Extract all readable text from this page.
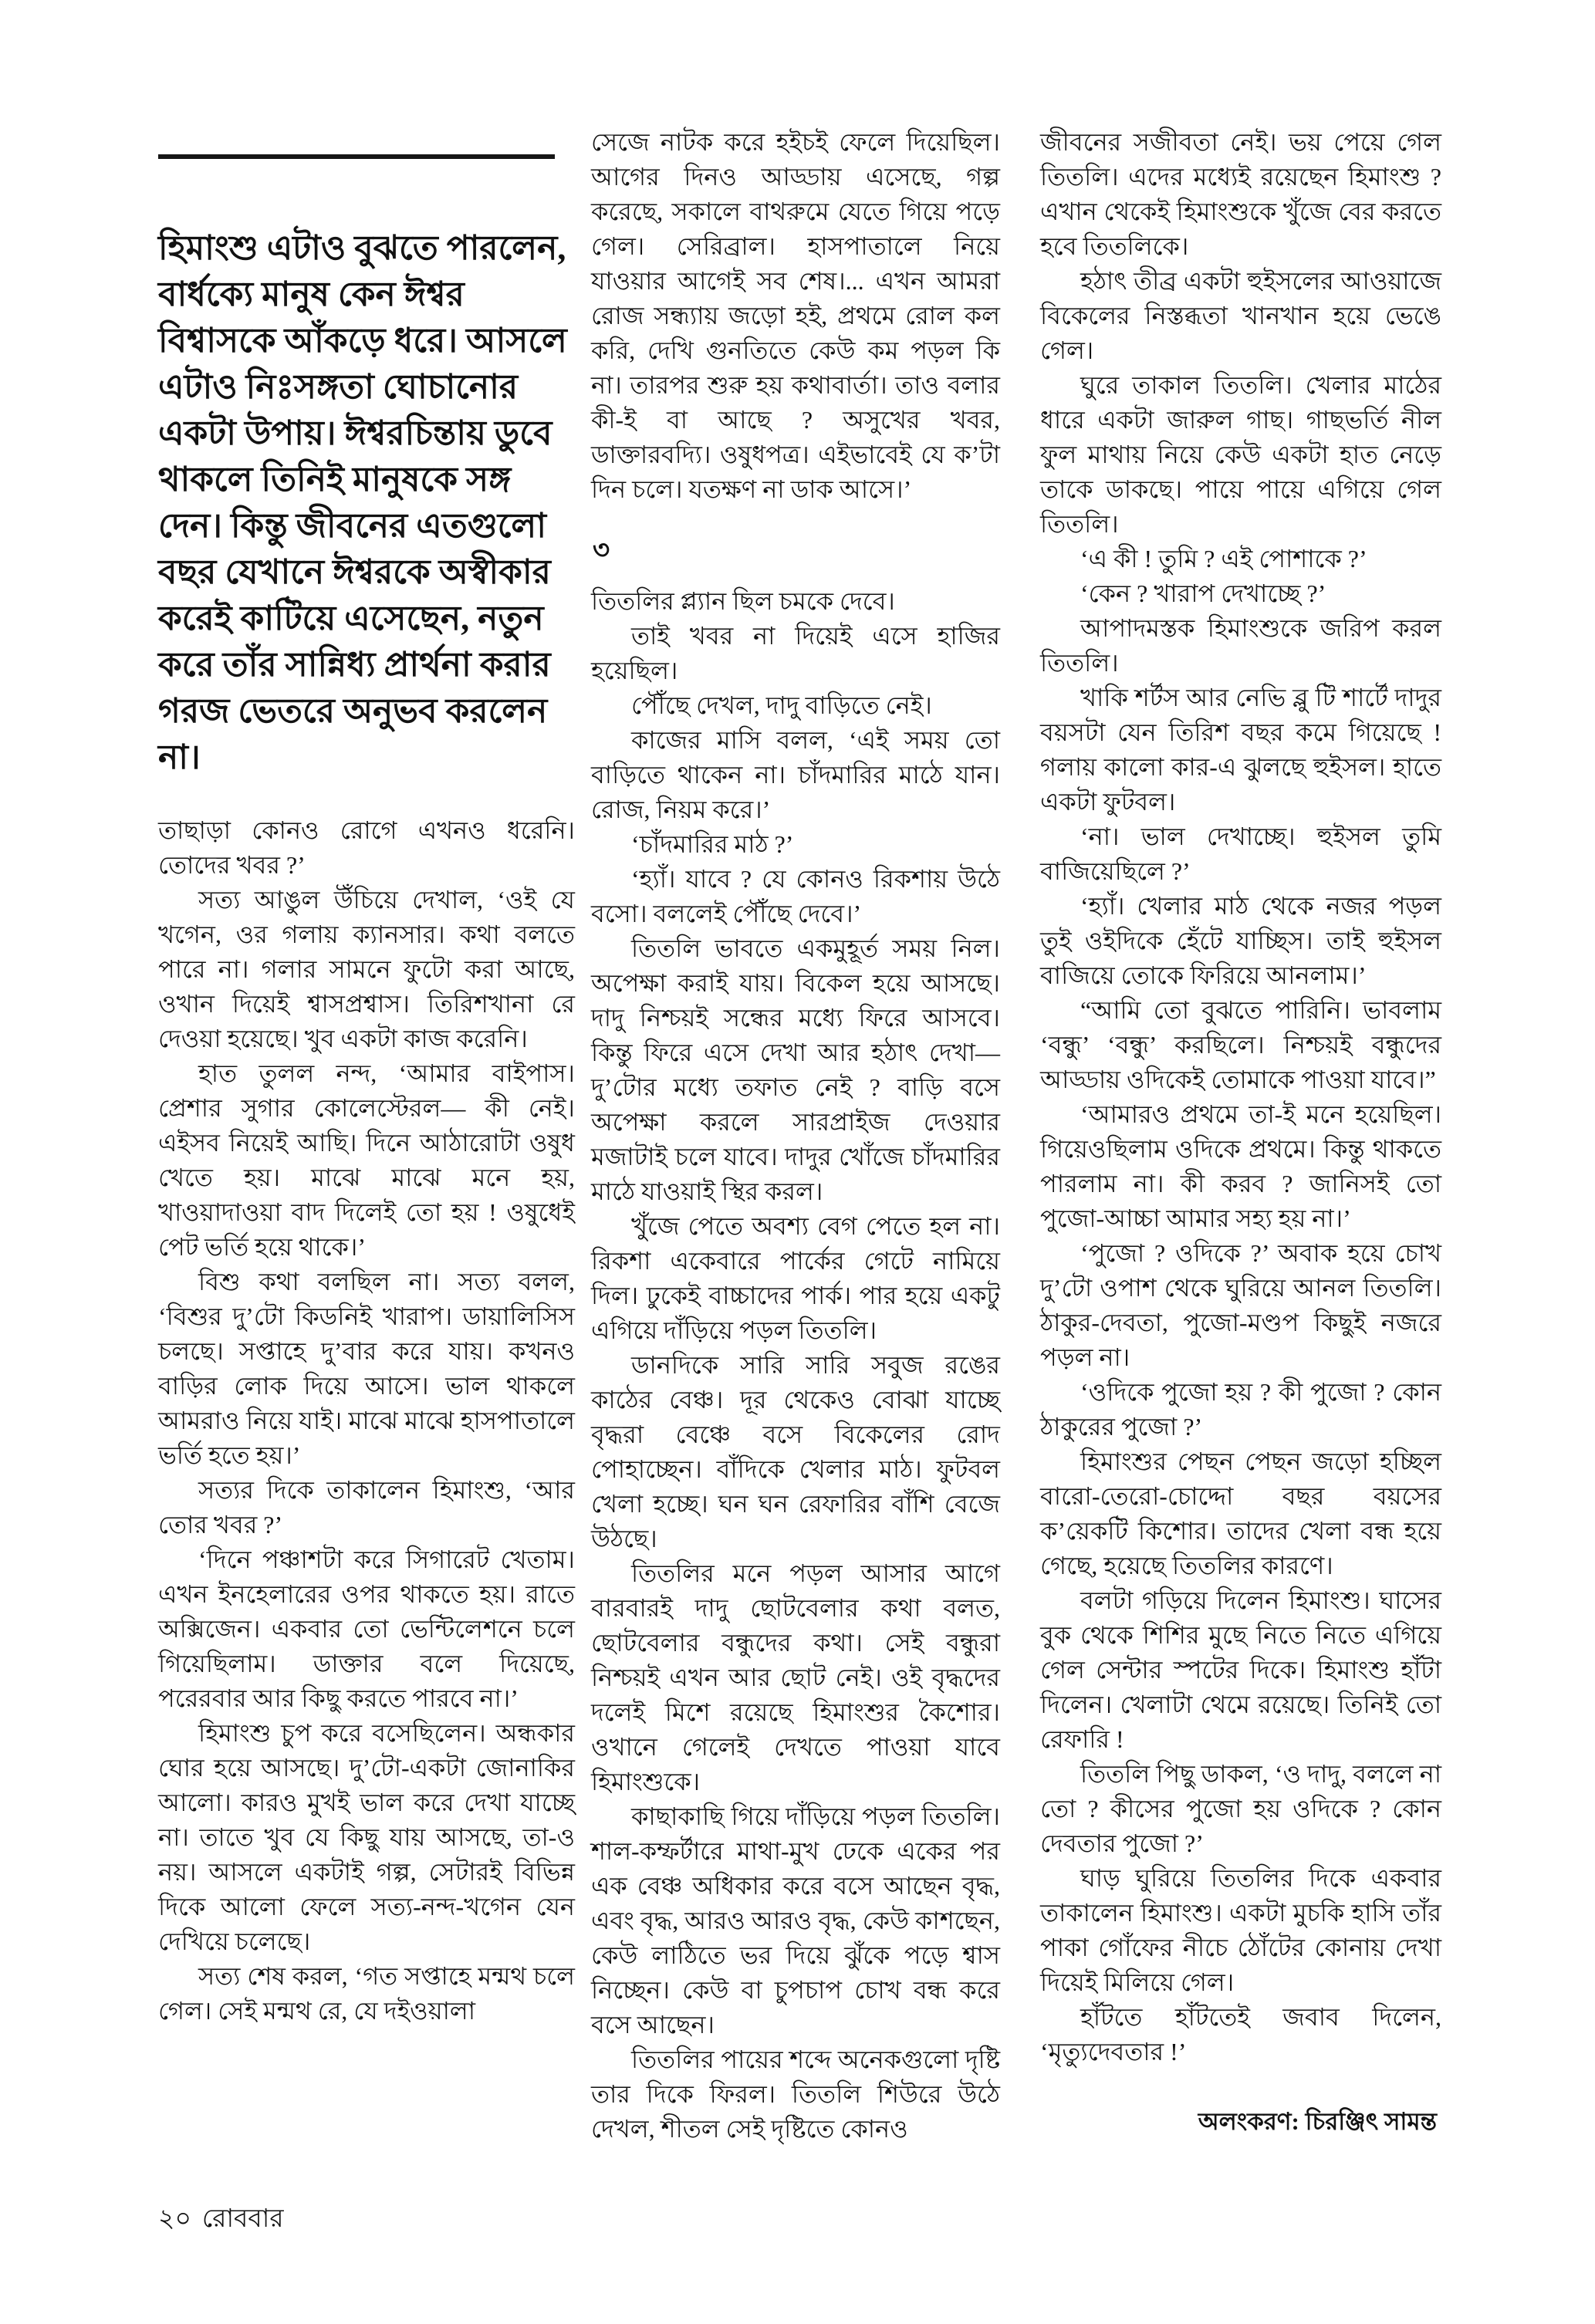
হিমাংশু এটাও বুঝতে পারলেন, বার্ধক্যে মানুষ কেন ঈশ্বর বিশ্বাসকে আঁকড়ে ধরে। আসলে এটাও নিঃসঙ্গতা ঘোচানোর একটা উপায়। ঈশ্বরচিন্তায় ডুবে থাকলে তিনিই মানুষকে সঙ্গ দেন। কিন্তু জীবনের এতগুলো বছর যেখানে ঈশ্বরকে অস্বীকার করেই কাটিয়ে এসেছেন, নতুন করে তাঁর সান্নিধ্য প্রার্থনা করার গরজ ভেতরে অনুভব করলেন না।

তাছাড়া কোনও রোগে এখনও ধরেনি। তোদের খবর ?’

সত্য আঙুল উঁচিয়ে দেখাল, ‘ওই যে খগেন, ওর গলায় ক্যানসার। কথা বলতে পারে না। গলার সামনে ফুটো করা আছে, ওখান দিয়েই শ্বাসপ্রশ্বাস। তিরিশখানা রে দেওয়া হয়েছে। খুব একটা কাজ করেনি।

হাত তুলল নন্দ, ‘আমার বাইপাস। প্রেশার সুগার কোলেস্টেরল— কী নেই। এইসব নিয়েই আছি। দিনে আঠারোটা ওষুধ খেতে হয়। মাঝে মাঝে মনে হয়, খাওয়াদাওয়া বাদ দিলেই তো হয় ! ওষুধেই পেট ভর্তি হয়ে থাকে।’

বিশু কথা বলছিল না। সত্য বলল, ‘বিশুর দু’টো কিডনিই খারাপ। ডায়ালিসিস চলছে। সপ্তাহে দু’বার করে যায়। কখনও বাড়ির লোক দিয়ে আসে। ভাল থাকলে আমরাও নিয়ে যাই। মাঝে মাঝে হাসপাতালে ভর্তি হতে হয়।’

সত্যর দিকে তাকালেন হিমাংশু, ‘আর তোর খবর ?’

‘দিনে পঞ্চাশটা করে সিগারেট খেতাম। এখন ইনহেলারের ওপর থাকতে হয়। রাতে অক্সিজেন। একবার তো ভেন্টিলেশনে চলে গিয়েছিলাম। ডাক্তার বলে দিয়েছে, পরেরবার আর কিছু করতে পারবে না।’

হিমাংশু চুপ করে বসেছিলেন। অন্ধকার ঘোর হয়ে আসছে। দু’টো-একটা জোনাকির আলো। কারও মুখই ভাল করে দেখা যাচ্ছে না। তাতে খুব যে কিছু যায় আসছে, তা-ও নয়। আসলে একটাই গল্প, সেটারই বিভিন্ন দিকে আলো ফেলে সত্য-নন্দ-খগেন যেন দেখিয়ে চলেছে।

সত্য শেষ করল, ‘গত সপ্তাহে মন্মথ চলে গেল। সেই মন্মথ রে, যে দইওয়ালা

সেজে নাটক করে হইচই ফেলে দিয়েছিল। আগের দিনও আড্ডায় এসেছে, গল্প করেছে, সকালে বাথরুমে যেতে গিয়ে পড়ে গেল। সেরিব্রাল। হাসপাতালে নিয়ে যাওয়ার আগেই সব শেষ।... এখন আমরা রোজ সন্ধ্যায় জড়ো হই, প্রথমে রোল কল করি, দেখি গুনতিতে কেউ কম পড়ল কি না। তারপর শুরু হয় কথাবার্তা। তাও বলার কী-ই বা আছে ? অসুখের খবর, ডাক্তারবদ্যি। ওষুধপত্র। এইভাবেই যে ক’টা দিন চলে। যতক্ষণ না ডাক আসে।’

৩

তিতলির প্ল্যান ছিল চমকে দেবে।

তাই খবর না দিয়েই এসে হাজির হয়েছিল।

পৌঁছে দেখল, দাদু বাড়িতে নেই।

কাজের মাসি বলল, ‘এই সময় তো বাড়িতে থাকেন না। চাঁদমারির মাঠে যান। রোজ, নিয়ম করে।’

‘চাঁদমারির মাঠ ?’

‘হ্যাঁ। যাবে ? যে কোনও রিকশায় উঠে বসো। বললেই পৌঁছে দেবে।’

তিতলি ভাবতে একমুহূর্ত সময় নিল। অপেক্ষা করাই যায়। বিকেল হয়ে আসছে। দাদু নিশ্চয়ই সন্ধের মধ্যে ফিরে আসবে। কিন্তু ফিরে এসে দেখা আর হঠাৎ দেখা— দু’টোর মধ্যে তফাত নেই ? বাড়ি বসে অপেক্ষা করলে সারপ্রাইজ দেওয়ার মজাটাই চলে যাবে। দাদুর খোঁজে চাঁদমারির মাঠে যাওয়াই স্থির করল।

খুঁজে পেতে অবশ্য বেগ পেতে হল না। রিকশা একেবারে পার্কের গেটে নামিয়ে দিল। ঢুকেই বাচ্চাদের পার্ক। পার হয়ে একটু এগিয়ে দাঁড়িয়ে পড়ল তিতলি।

ডানদিকে সারি সারি সবুজ রঙের কাঠের বেঞ্চ। দূর থেকেও বোঝা যাচ্ছে বৃদ্ধরা বেঞ্চে বসে বিকেলের রোদ পোহাচ্ছেন। বাঁদিকে খেলার মাঠ। ফুটবল খেলা হচ্ছে। ঘন ঘন রেফারির বাঁশি বেজে উঠছে।

তিতলির মনে পড়ল আসার আগে বারবারই দাদু ছোটবেলার কথা বলত, ছোটবেলার বন্ধুদের কথা। সেই বন্ধুরা নিশ্চয়ই এখন আর ছোট নেই। ওই বৃদ্ধদের দলেই মিশে রয়েছে হিমাংশুর কৈশোর। ওখানে গেলেই দেখতে পাওয়া যাবে হিমাংশুকে।

কাছাকাছি গিয়ে দাঁড়িয়ে পড়ল তিতলি। শাল-কম্ফর্টারে মাথা-মুখ ঢেকে একের পর এক বেঞ্চ অধিকার করে বসে আছেন বৃদ্ধ, এবং বৃদ্ধ, আরও আরও বৃদ্ধ, কেউ কাশছেন, কেউ লাঠিতে ভর দিয়ে ঝুঁকে পড়ে শ্বাস নিচ্ছেন। কেউ বা চুপচাপ চোখ বন্ধ করে বসে আছেন।

তিতলির পায়ের শব্দে অনেকগুলো দৃষ্টি তার দিকে ফিরল। তিতলি শিউরে উঠে দেখল, শীতল সেই দৃষ্টিতে কোনও

জীবনের সজীবতা নেই। ভয় পেয়ে গেল তিতলি। এদের মধ্যেই রয়েছেন হিমাংশু ? এখান থেকেই হিমাংশুকে খুঁজে বের করতে হবে তিতলিকে।

হঠাৎ তীব্র একটা হুইসলের আওয়াজে বিকেলের নিস্তব্ধতা খানখান হয়ে ভেঙে গেল।

ঘুরে তাকাল তিতলি। খেলার মাঠের ধারে একটা জারুল গাছ। গাছভর্তি নীল ফুল মাথায় নিয়ে কেউ একটা হাত নেড়ে তাকে ডাকছে। পায়ে পায়ে এগিয়ে গেল তিতলি।

‘এ কী ! তুমি ? এই পোশাকে ?’

‘কেন ? খারাপ দেখাচ্ছে ?’

আপাদমস্তক হিমাংশুকে জরিপ করল তিতলি।

খাকি শর্টস আর নেভি ব্লু টি শার্টে দাদুর বয়সটা যেন তিরিশ বছর কমে গিয়েছে ! গলায় কালো কার-এ ঝুলছে হুইসল। হাতে একটা ফুটবল।

‘না। ভাল দেখাচ্ছে। হুইসল তুমি বাজিয়েছিলে ?’

‘হ্যাঁ। খেলার মাঠ থেকে নজর পড়ল তুই ওইদিকে হেঁটে যাচ্ছিস। তাই হুইসল বাজিয়ে তোকে ফিরিয়ে আনলাম।’

“আমি তো বুঝতে পারিনি। ভাবলাম ‘বন্ধু’ ‘বন্ধু’ করছিলে। নিশ্চয়ই বন্ধুদের আড্ডায় ওদিকেই তোমাকে পাওয়া যাবে।”

‘আমারও প্রথমে তা-ই মনে হয়েছিল। গিয়েওছিলাম ওদিকে প্রথমে। কিন্তু থাকতে পারলাম না। কী করব ? জানিসই তো পুজো-আচ্চা আমার সহ্য হয় না।’

‘পুজো ? ওদিকে ?’ অবাক হয়ে চোখ দু’টো ওপাশ থেকে ঘুরিয়ে আনল তিতলি। ঠাকুর-দেবতা, পুজো-মণ্ডপ কিছুই নজরে পড়ল না।

‘ওদিকে পুজো হয় ? কী পুজো ? কোন ঠাকুরের পুজো ?’

হিমাংশুর পেছন পেছন জড়ো হচ্ছিল বারো-তেরো-চোদ্দো বছর বয়সের ক’য়েকটি কিশোর। তাদের খেলা বন্ধ হয়ে গেছে, হয়েছে তিতলির কারণে।

বলটা গড়িয়ে দিলেন হিমাংশু। ঘাসের বুক থেকে শিশির মুছে নিতে নিতে এগিয়ে গেল সেন্টার স্পটের দিকে। হিমাংশু হাঁটা দিলেন। খেলাটা থেমে রয়েছে। তিনিই তো রেফারি !

তিতলি পিছু ডাকল, ‘ও দাদু, বললে না তো ? কীসের পুজো হয় ওদিকে ? কোন দেবতার পুজো ?’

ঘাড় ঘুরিয়ে তিতলির দিকে একবার তাকালেন হিমাংশু। একটা মুচকি হাসি তাঁর পাকা গোঁফের নীচে ঠোঁটের কোনায় দেখা দিয়েই মিলিয়ে গেল।

হাঁটতে হাঁটতেই জবাব দিলেন, ‘মৃত্যুদেবতার !’

অলংকরণ: চিরঞ্জিৎ সামন্ত
২০ রোববার
